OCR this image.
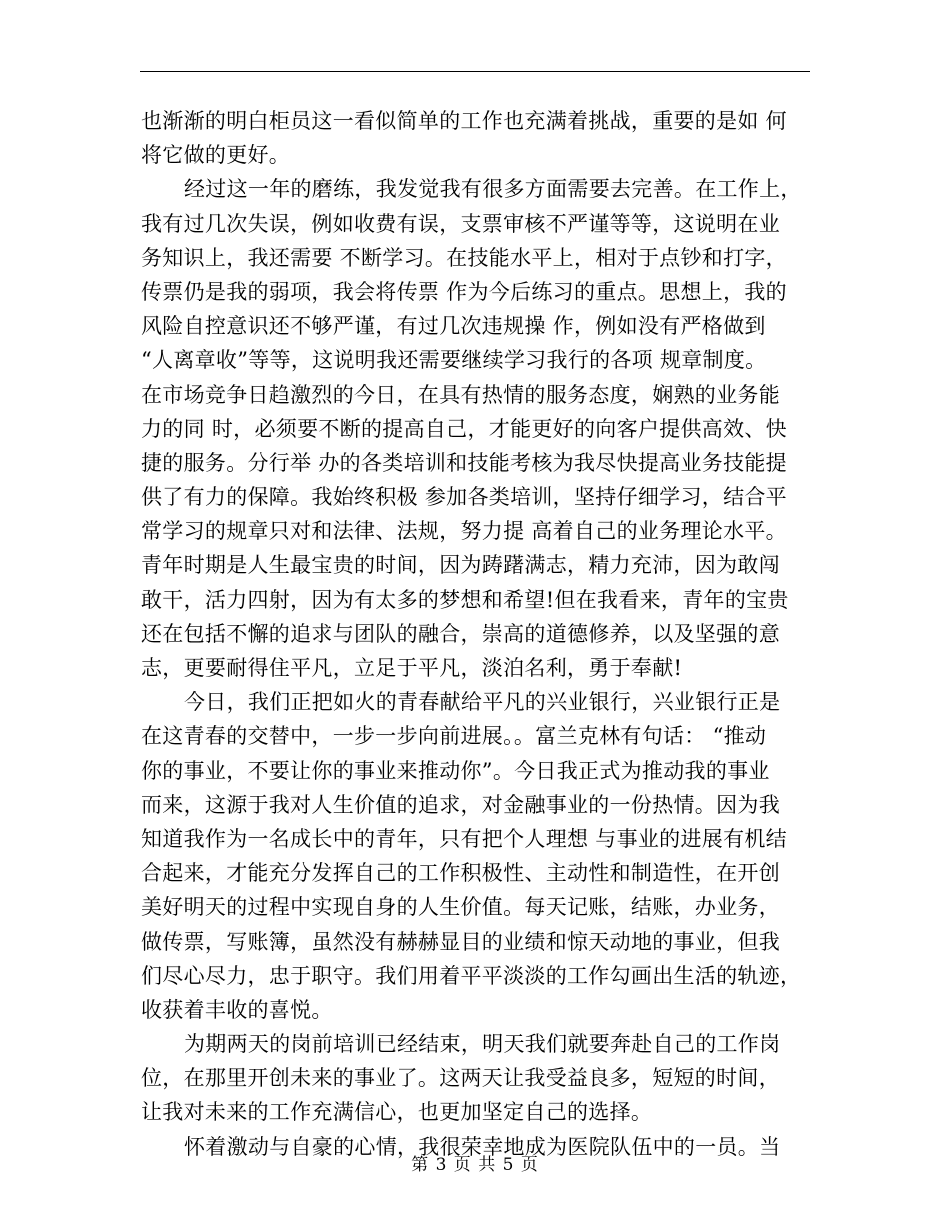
也渐渐的明白柜员这一看似简单的工作也充满着挑战，重要的是如 何
将它做的更好。
经过这一年的磨练，我发觉我有很多方面需要去完善。在工作上，
我有过几次失误，例如收费有误，支票审核不严谨等等，这说明在业
务知识上，我还需要 不断学习。在技能水平上，相对于点钞和打字，
传票仍是我的弱项，我会将传票 作为今后练习的重点。思想上，我的
风险自控意识还不够严谨，有过几次违规操 作，例如没有严格做到
“人离章收”等等，这说明我还需要继续学习我行的各项 规章制度。
在市场竞争日趋激烈的今日，在具有热情的服务态度，娴熟的业务能
力的同 时，必须要不断的提高自己，才能更好的向客户提供高效、快
捷的服务。分行举 办的各类培训和技能考核为我尽快提高业务技能提
供了有力的保障。我始终积极 参加各类培训，坚持仔细学习，结合平
常学习的规章只对和法律、法规，努力提 高着自己的业务理论水平。
青年时期是人生最宝贵的时间，因为踌躇满志，精力充沛，因为敢闯
敢干，活力四射，因为有太多的梦想和希望!但在我看来，青年的宝贵
还在包括不懈的追求与团队的融合，崇高的道德修养，以及坚强的意
志，更要耐得住平凡，立足于平凡，淡泊名利，勇于奉献!
今日，我们正把如火的青春献给平凡的兴业银行，兴业银行正是
在这青春的交替中，一步一步向前进展。。富兰克林有句话： “推动
你的事业，不要让你的事业来推动你”。今日我正式为推动我的事业
而来，这源于我对人生价值的追求，对金融事业的一份热情。因为我
知道我作为一名成长中的青年，只有把个人理想 与事业的进展有机结
合起来，才能充分发挥自己的工作积极性、主动性和制造性，在开创
美好明天的过程中实现自身的人生价值。每天记账，结账，办业务，
做传票，写账簿，虽然没有赫赫显目的业绩和惊天动地的事业，但我
们尽心尽力，忠于职守。我们用着平平淡淡的工作勾画出生活的轨迹，
收获着丰收的喜悦。
为期两天的岗前培训已经结束，明天我们就要奔赴自己的工作岗
位，在那里开创未来的事业了。这两天让我受益良多，短短的时间，
让我对未来的工作充满信心，也更加坚定自己的选择。
怀着激动与自豪的心情，我很荣幸地成为医院队伍中的一员。当
第 3 页 共 5 页
